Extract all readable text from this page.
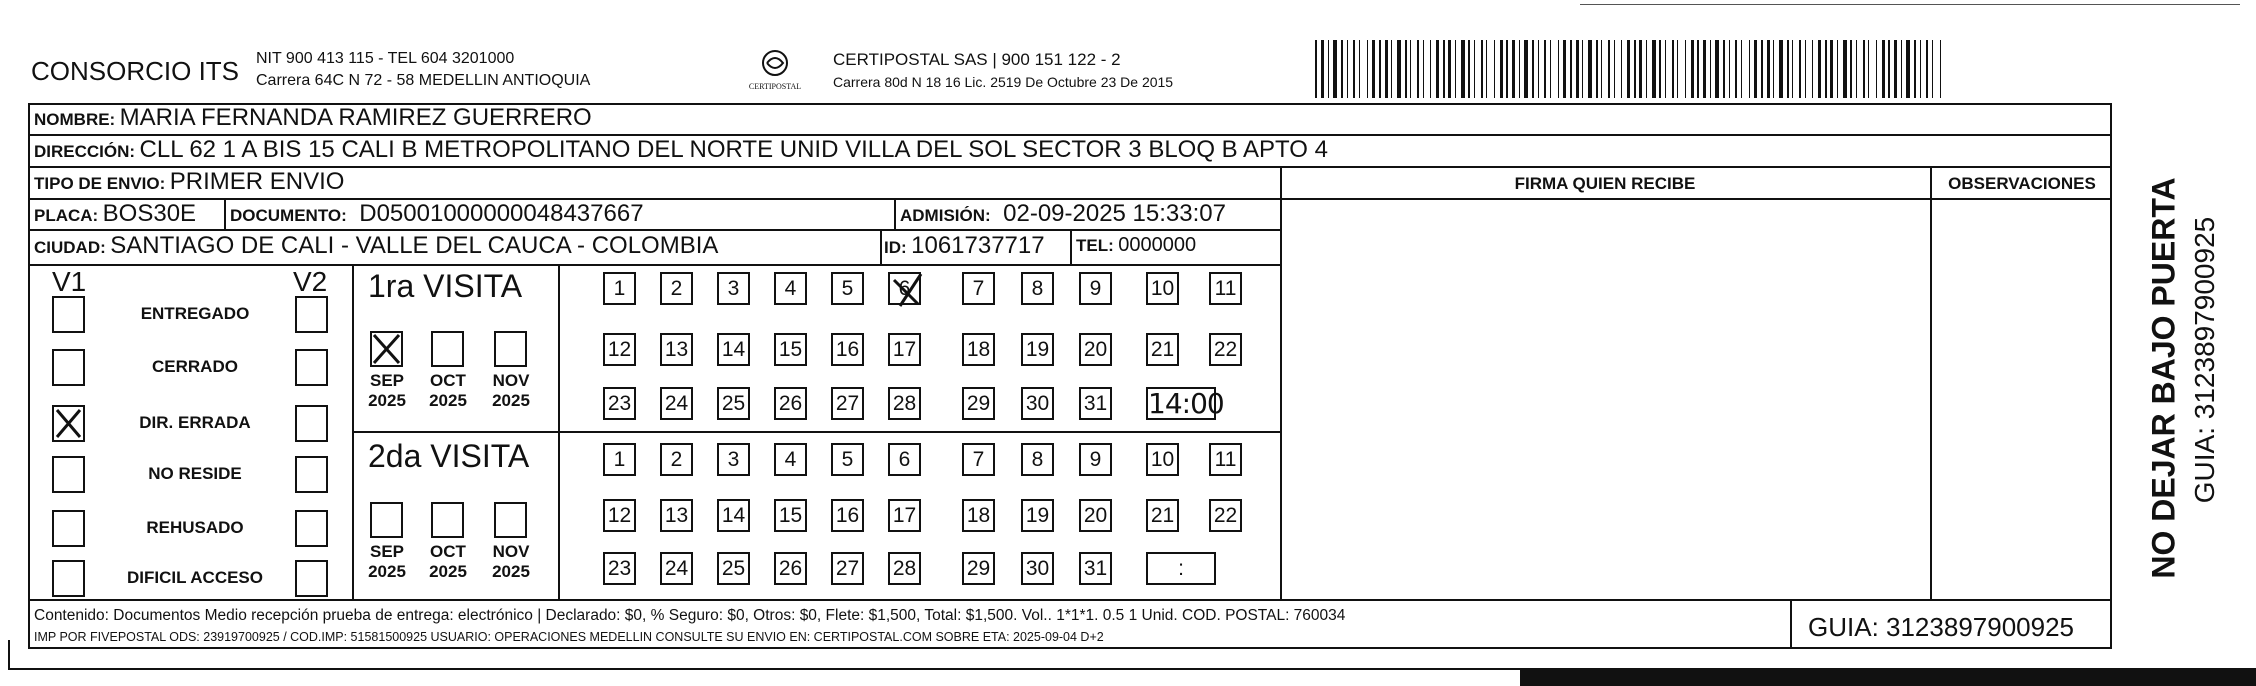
CONSORCIO ITS NIT 900 413 115 - TEL 604 3201000
Carrera 64C N 72 - 58 MEDELLIN ANTIOQUIA	CERTIPOSTAL
CERTIPOSTAL SAS | 900 151 122 - 2
Carrera 80d N 18 16 Lic. 2519 De Octubre 23 De 2015
NOMBRE: MARIA FERNANDA RAMIREZ GUERRERO
DIRECCIÓN: CLL 62 1 A BIS 15 CALI B METROPOLITANO DEL NORTE UNID VILLA DEL SOL SECTOR 3 BLOQ B APTO 4
TIPO DE ENVIO: PRIMER ENVIO	FIRMA QUIEN RECIBE	OBSERVACIONES
PLACA: BOS30E DOCUMENTO: D05001000000048437667	ADMISIÓN: 02-09-2025 15:33:07
CIUDAD: SANTIAGO DE CALI - VALLE DEL CAUCA - COLOMBIA	ID: 1061737717 TEL: 0000000
V1	V2
ENTREGADO
CERRADO
DIR. ERRADA
NO RESIDE
REHUSADO
DIFICIL ACCESO
1ra VISITA
2da VISITA
SEP
2025
OCT
2025
NOV
2025
SEP
2025
OCT
2025
NOV
2025
1	2	3	4	5	6	7	8	9	10 11
12 13 14 15 16 17 18 19 20 21 22
23 24 25 26 27 28 29 30 31 14:00
1	2	3	4	5	6	7	8	9	10 11
12 13 14 15 16 17 18 19 20 21 22
23 24 25 26 27 28 29 30 31	:
Contenido: Documentos Medio recepción prueba de entrega: electrónico | Declarado: $0, % Seguro: $0, Otros: $0, Flete: $1,500, Total: $1,500. Vol.. 1*1*1. 0.5 1 Unid. COD. POSTAL: 760034
IMP POR FIVEPOSTAL ODS: 23919700925 / COD.IMP: 51581500925 USUARIO: OPERACIONES MEDELLIN CONSULTE SU ENVIO EN: CERTIPOSTAL.COM SOBRE ETA: 2025-09-04 D+2	GUIA: 3123897900925
NO DEJAR BAJO PUERTA GUIA: 3123897900925
